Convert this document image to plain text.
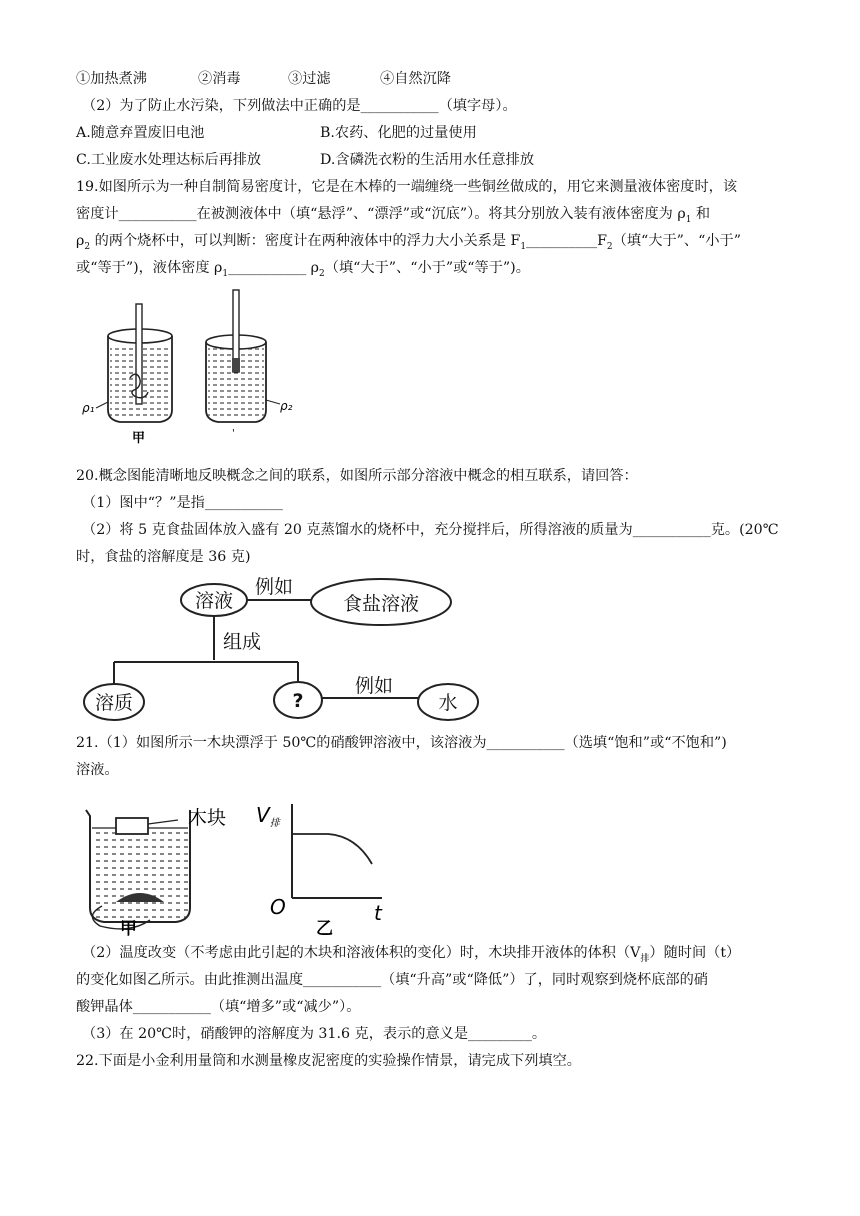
①加热煮沸	②消毒	③过滤	④自然沉降
（2）为了防止水污染，下列做法中正确的是___________（填字母）。
A.随意弃置废旧电池	B.农药、化肥的过量使用
C.工业废水处理达标后再排放	D.含磷洗衣粉的生活用水任意排放
19.如图所示为一种自制简易密度计，它是在木棒的一端缠绕一些铜丝做成的，用它来测量液体密度时，该
密度计___________在被测液体中（填“悬浮”、“漂浮”或“沉底”）。将其分别放入装有液体密度为 $\rho_1$ 和
$\rho_2$ 的两个烧杯中，可以判断：密度计在两种液体中的浮力大小关系是 $F_1\_\_\_\_\_\_\_\_\_\_F_2$（填“大于”、“小于”
或“等于”)，液体密度 $\rho_1\_\_\_\_\_\_\_\_\_\_\_$ $\rho_2$（填“大于”、“小于”或“等于”)。
ρ₁
甲
ρ₂
'
20.概念图能清晰地反映概念之间的联系，如图所示部分溶液中概念的相互联系，请回答：
（1）图中“？”是指___________
（2）将 5 克食盐固体放入盛有 20 克蒸馏水的烧杯中，充分搅拌后，所得溶液的质量为___________克。(20℃
时，食盐的溶解度是 36 克)
溶液
例如
食盐溶液
组成
溶质	?
例如
水
21.（1）如图所示一木块漂浮于 50℃的硝酸钾溶液中，该溶液为___________（选填“饱和”或“不饱和”)
溶液。
木块
甲
$V_排$
O	t
乙
（2）温度改变（不考虑由此引起的木块和溶液体积的变化）时，木块排开液体的体积$(V_排)$随时间（t）
的变化如图乙所示。由此推测出温度___________（填“升高”或“降低”）了，同时观察到烧杯底部的硝
酸钾晶体___________（填“增多”或“减少”）。
（3）在 20℃时，硝酸钾的溶解度为 31.6 克，表示的意义是_________。
22.下面是小金利用量筒和水测量橡皮泥密度的实验操作情景，请完成下列填空。
